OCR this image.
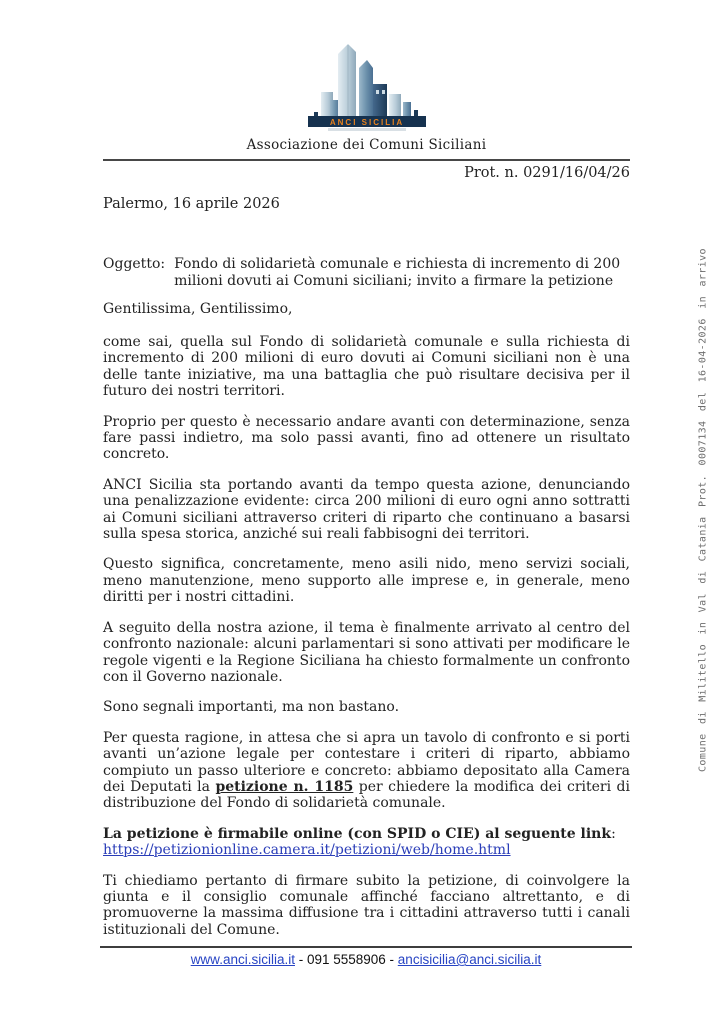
ANCI SICILIA
Associazione dei Comuni Siciliani
Prot. n. 0291/16/04/26
Palermo, 16 aprile 2026
Oggetto: Fondo di solidarietà comunale e richiesta di incremento di 200 milioni dovuti ai Comuni siciliani; invito a firmare la petizione
Gentilissima, Gentilissimo,

come sai, quella sul Fondo di solidarietà comunale e sulla richiesta di incremento di 200 milioni di euro dovuti ai Comuni siciliani non è una delle tante iniziative, ma una battaglia che può risultare decisiva per il futuro dei nostri territori.

Proprio per questo è necessario andare avanti con determinazione, senza fare passi indietro, ma solo passi avanti, fino ad ottenere un risultato concreto.

ANCI Sicilia sta portando avanti da tempo questa azione, denunciando una penalizzazione evidente: circa 200 milioni di euro ogni anno sottratti ai Comuni siciliani attraverso criteri di riparto che continuano a basarsi sulla spesa storica, anziché sui reali fabbisogni dei territori.

Questo significa, concretamente, meno asili nido, meno servizi sociali, meno manutenzione, meno supporto alle imprese e, in generale, meno diritti per i nostri cittadini.

A seguito della nostra azione, il tema è finalmente arrivato al centro del confronto nazionale: alcuni parlamentari si sono attivati per modificare le regole vigenti e la Regione Siciliana ha chiesto formalmente un confronto con il Governo nazionale.

Sono segnali importanti, ma non bastano.

Per questa ragione, in attesa che si apra un tavolo di confronto e si porti avanti un’azione legale per contestare i criteri di riparto, abbiamo compiuto un passo ulteriore e concreto: abbiamo depositato alla Camera dei Deputati la petizione n. 1185 per chiedere la modifica dei criteri di distribuzione del Fondo di solidarietà comunale.

La petizione è firmabile online (con SPID o CIE) al seguente link:
https://petizionionline.camera.it/petizioni/web/home.html

Ti chiediamo pertanto di firmare subito la petizione, di coinvolgere la giunta e il consiglio comunale affinché facciano altrettanto, e di promuoverne la massima diffusione tra i cittadini attraverso tutti i canali istituzionali del Comune.

www.anci.sicilia.it - 091 5558906 - ancisicilia@anci.sicilia.it
Comune di Militello in Val di Catania Prot. 0007134 del 16-04-2026 in arrivo
